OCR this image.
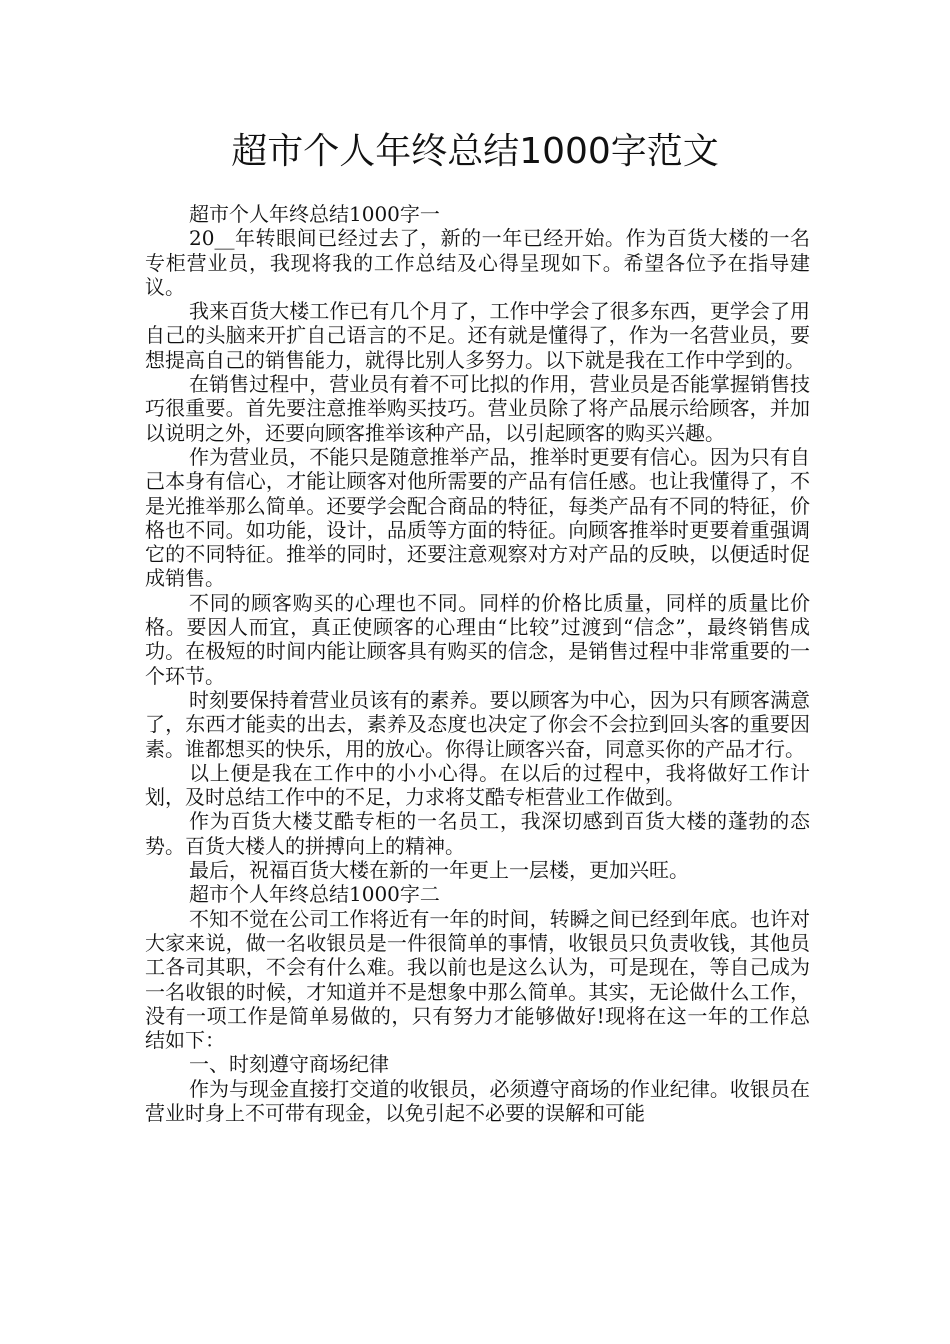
超市个人年终总结1000字范文

超市个人年终总结1000字一

20__年转眼间已经过去了，新的一年已经开始。作为百货大楼的一名专柜营业员，我现将我的工作总结及心得呈现如下。希望各位予在指导建议。

我来百货大楼工作已有几个月了，工作中学会了很多东西，更学会了用自己的头脑来开扩自己语言的不足。还有就是懂得了，作为一名营业员，要想提高自己的销售能力，就得比别人多努力。以下就是我在工作中学到的。

在销售过程中，营业员有着不可比拟的作用，营业员是否能掌握销售技巧很重要。首先要注意推举购买技巧。营业员除了将产品展示给顾客，并加以说明之外，还要向顾客推举该种产品，以引起顾客的购买兴趣。

作为营业员，不能只是随意推举产品，推举时更要有信心。因为只有自己本身有信心，才能让顾客对他所需要的产品有信任感。也让我懂得了，不是光推举那么简单。还要学会配合商品的特征，每类产品有不同的特征，价格也不同。如功能，设计，品质等方面的特征。向顾客推举时更要着重强调它的不同特征。推举的同时，还要注意观察对方对产品的反映，以便适时促成销售。

不同的顾客购买的心理也不同。同样的价格比质量，同样的质量比价格。要因人而宜，真正使顾客的心理由“比较”过渡到“信念”，最终销售成功。在极短的时间内能让顾客具有购买的信念，是销售过程中非常重要的一个环节。

时刻要保持着营业员该有的素养。要以顾客为中心，因为只有顾客满意了，东西才能卖的出去，素养及态度也决定了你会不会拉到回头客的重要因素。谁都想买的快乐，用的放心。你得让顾客兴奋，同意买你的产品才行。

以上便是我在工作中的小小心得。在以后的过程中，我将做好工作计划，及时总结工作中的不足，力求将艾酷专柜营业工作做到。

作为百货大楼艾酷专柜的一名员工，我深切感到百货大楼的蓬勃的态势。百货大楼人的拼搏向上的精神。

最后，祝福百货大楼在新的一年更上一层楼，更加兴旺。

超市个人年终总结1000字二

不知不觉在公司工作将近有一年的时间，转瞬之间已经到年底。也许对大家来说，做一名收银员是一件很简单的事情，收银员只负责收钱，其他员工各司其职，不会有什么难。我以前也是这么认为，可是现在，等自己成为一名收银的时候，才知道并不是想象中那么简单。其实，无论做什么工作，没有一项工作是简单易做的，只有努力才能够做好!现将在这一年的工作总结如下：

一、时刻遵守商场纪律

作为与现金直接打交道的收银员，必须遵守商场的作业纪律。收银员在营业时身上不可带有现金，以免引起不必要的误解和可能
